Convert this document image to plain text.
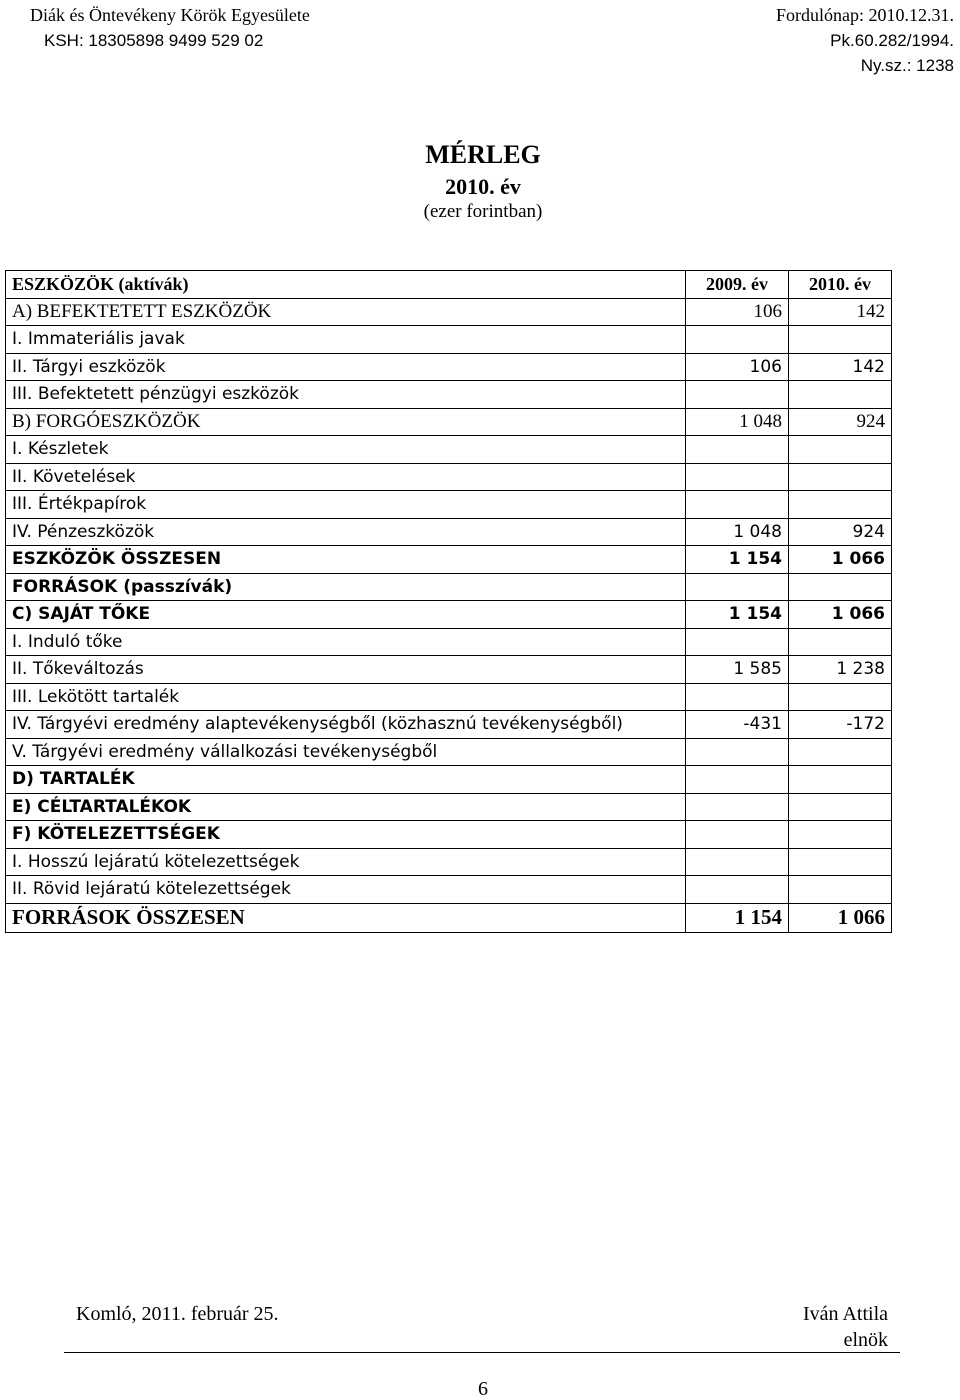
Diák és Öntevékeny Körök Egyesülete
KSH: 18305898 9499 529 02
Fordulónap: 2010.12.31.
Pk.60.282/1994.
Ny.sz.: 1238
MÉRLEG
2010. év
(ezer forintban)
ESZKÖZÖK (aktívák)	2009. év	2010. év
A) BEFEKTETETT ESZKÖZÖK	106	142
I. Immateriális javak		
II. Tárgyi eszközök	106	142
III. Befektetett pénzügyi eszközök		
B) FORGÓESZKÖZÖK	1 048	924
I. Készletek		
II. Követelések		
III. Értékpapírok		
IV. Pénzeszközök	1 048	924
ESZKÖZÖK ÖSSZESEN	1 154	1 066
FORRÁSOK (passzívák)		
C) SAJÁT TŐKE	1 154	1 066
I. Induló tőke		
II. Tőkeváltozás	1 585	1 238
III. Lekötött tartalék		
IV. Tárgyévi eredmény alaptevékenységből (közhasznú tevékenységből)	-431	-172
V. Tárgyévi eredmény vállalkozási tevékenységből		
D) TARTALÉK		
E) CÉLTARTALÉKOK		
F) KÖTELEZETTSÉGEK		
I. Hosszú lejáratú kötelezettségek		
II. Rövid lejáratú kötelezettségek		
FORRÁSOK ÖSSZESEN	1 154	1 066
Komló, 2011. február 25.	Iván Attila
elnök
6
